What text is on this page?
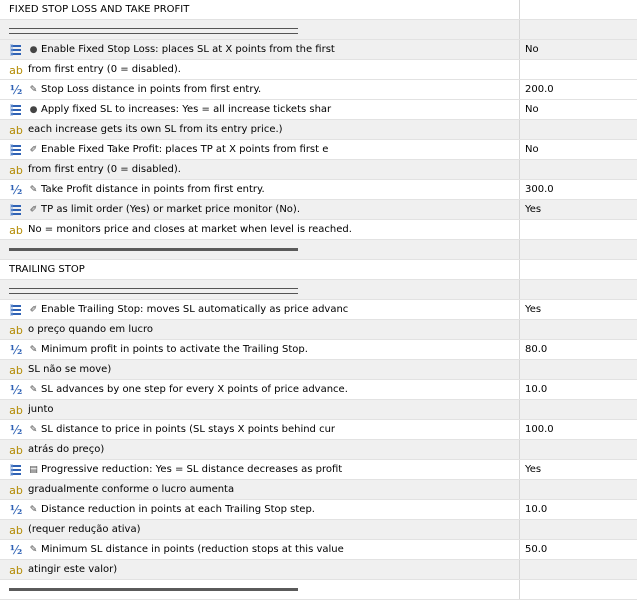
FIXED STOP LOSS AND TAKE PROFIT
● Enable Fixed Stop Loss: places SL at X points from the first	No
ab from first entry (0 = disabled).
½ ✎ Stop Loss distance in points from first entry.	200.0
● Apply fixed SL to increases: Yes = all increase tickets shar	No
ab each increase gets its own SL from its entry price.)
✐ Enable Fixed Take Profit: places TP at X points from first e	No
ab from first entry (0 = disabled).
½ ✎ Take Profit distance in points from first entry.	300.0
✐ TP as limit order (Yes) or market price monitor (No).	Yes
ab No = monitors price and closes at market when level is reached.
TRAILING STOP
✐ Enable Trailing Stop: moves SL automatically as price advanc	Yes
ab o preço quando em lucro
½ ✎ Minimum profit in points to activate the Trailing Stop.	80.0
ab SL não se move)
½ ✎ SL advances by one step for every X points of price advance.	10.0
ab junto
½ ✎ SL distance to price in points (SL stays X points behind cur	100.0
ab atrás do preço)
▤ Progressive reduction: Yes = SL distance decreases as profit	Yes
ab gradualmente conforme o lucro aumenta
½ ✎ Distance reduction in points at each Trailing Stop step.	10.0
ab (requer redução ativa)
½ ✎ Minimum SL distance in points (reduction stops at this value	50.0
ab atingir este valor)
